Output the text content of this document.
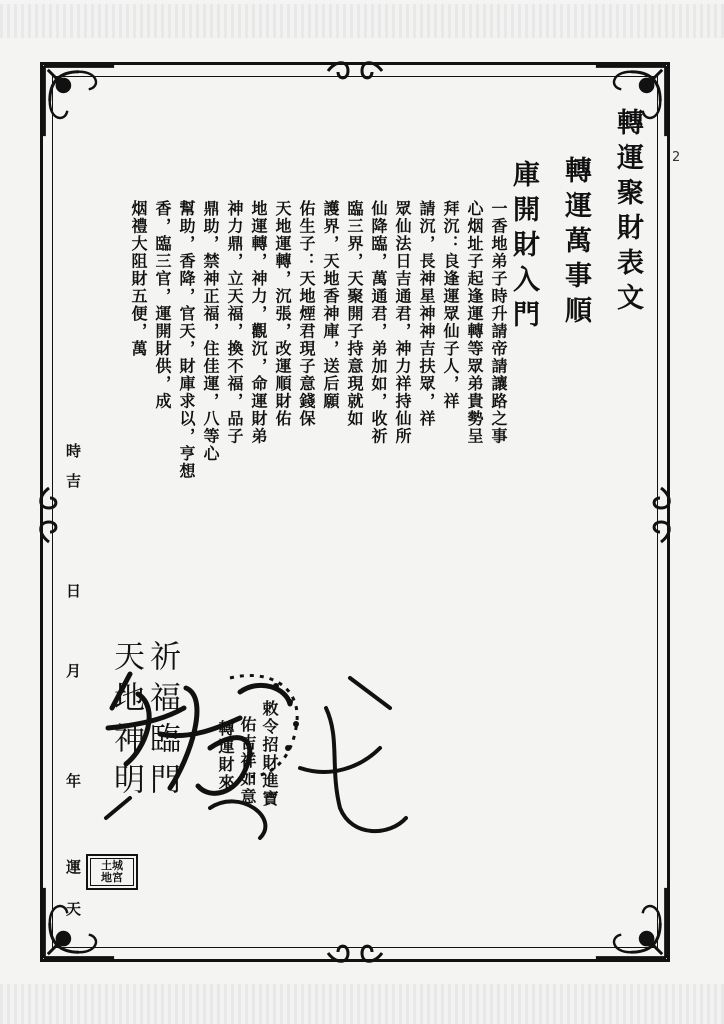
2
轉運聚財表文
轉運萬事順
庫開財入門
一香地弟子時升請帝請讓路之事
心烟址子起逢運轉等眾弟貴勢呈
拜沉：良逢運眾仙子人，祥
請沉，長神星神神吉扶眾，祥
眾仙法日吉通君，神力祥持仙所
仙降臨，萬通君，弟加如，收祈
臨三界，天聚開子持意現就如
護界，天地香神庫，送后願
佑生子：天地煙君現子意錢保
天地運轉，沉張，改運順財佑
地運轉，神力，觀沉，命運財弟
神力鼎，立天福，換不福，品子
鼎助，禁神正福，住佳運，八等心
幫助，香降，官天，財庫求以，亨想
香，臨三官，運開財供，成
烟禮大阻財五便，萬
敕令招財進寶
佑吉祥如意
轉運財來
天地神明
天
運
年
月
日
吉
時
土城
地宮
祈福臨門
